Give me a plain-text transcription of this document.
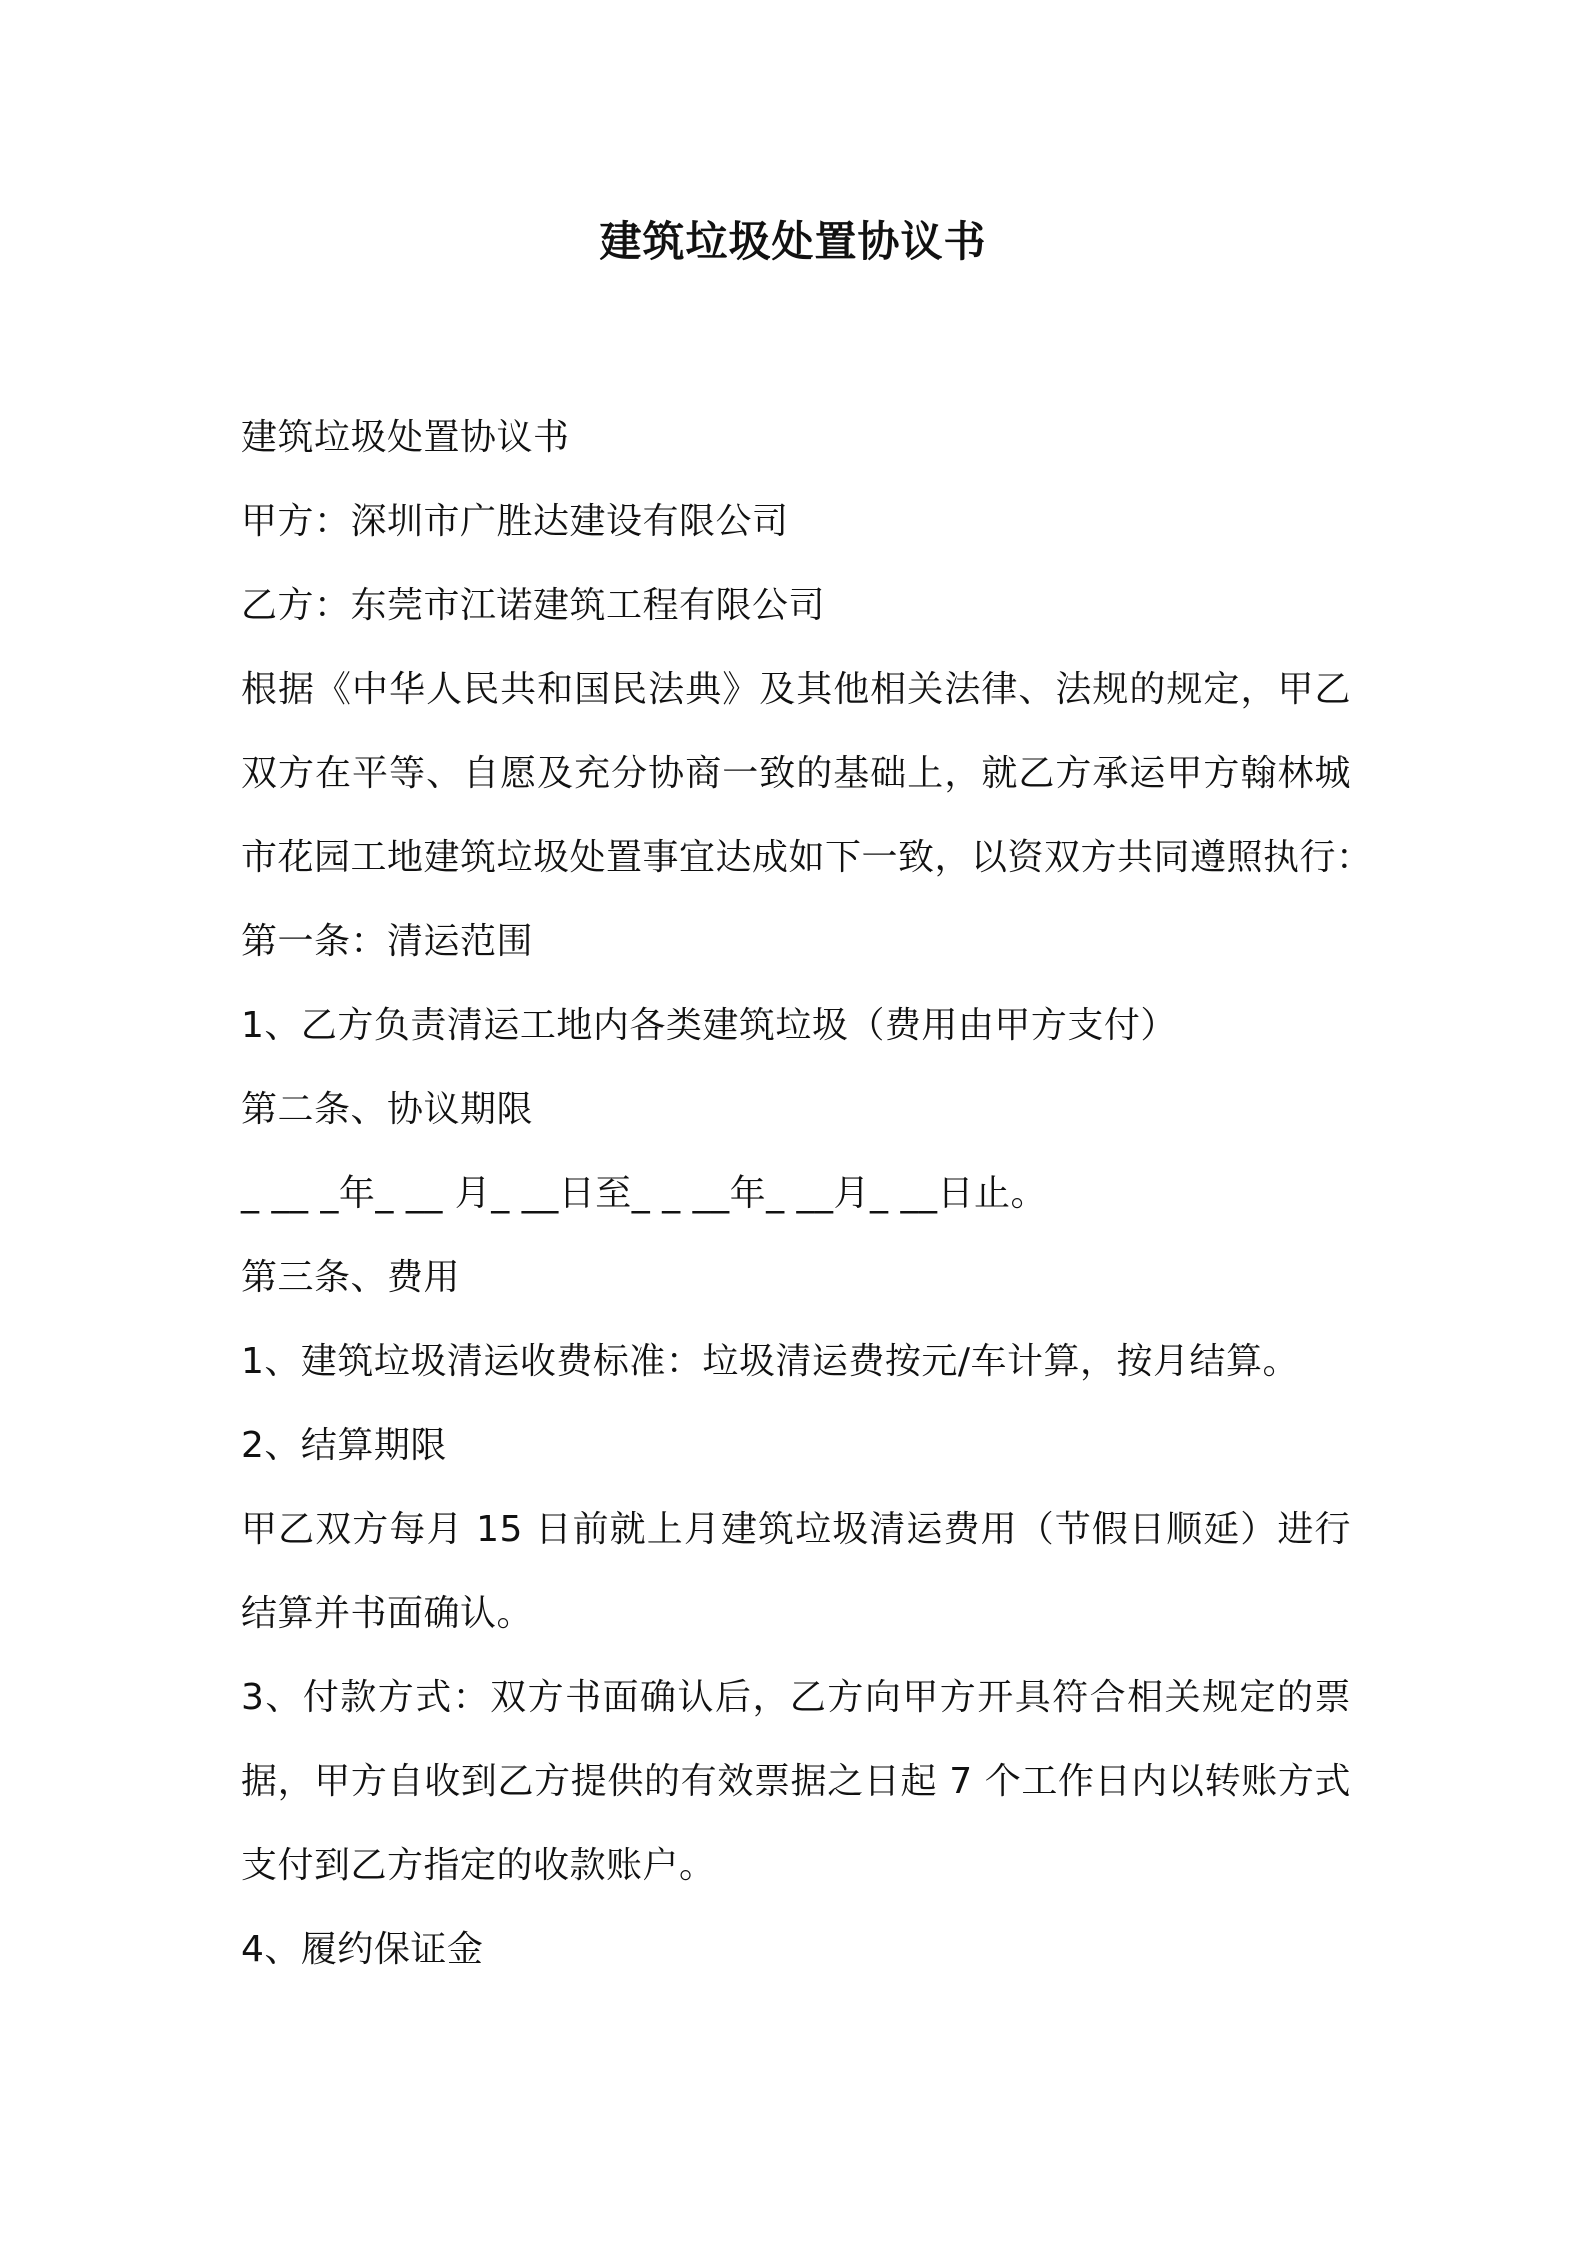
建筑垃圾处置协议书
建筑垃圾处置协议书
甲方：深圳市广胜达建设有限公司
乙方：东莞市江诺建筑工程有限公司
根据《中华人民共和国民法典》及其他相关法律、法规的规定，甲乙
双方在平等、自愿及充分协商一致的基础上，就乙方承运甲方翰林城
市花园工地建筑垃圾处置事宜达成如下一致，以资双方共同遵照执行：
第一条：清运范围
1、乙方负责清运工地内各类建筑垃圾（费用由甲方支付）
第二条、协议期限
_ __ _年_ __ 月_ __日至_ _ __年_ __月_ __日止。
第三条、费用
1、建筑垃圾清运收费标准：垃圾清运费按元/车计算，按月结算。
2、结算期限
甲乙双方每月 15 日前就上月建筑垃圾清运费用（节假日顺延）进行
结算并书面确认。
3、付款方式：双方书面确认后，乙方向甲方开具符合相关规定的票
据，甲方自收到乙方提供的有效票据之日起 7 个工作日内以转账方式
支付到乙方指定的收款账户。
4、履约保证金
